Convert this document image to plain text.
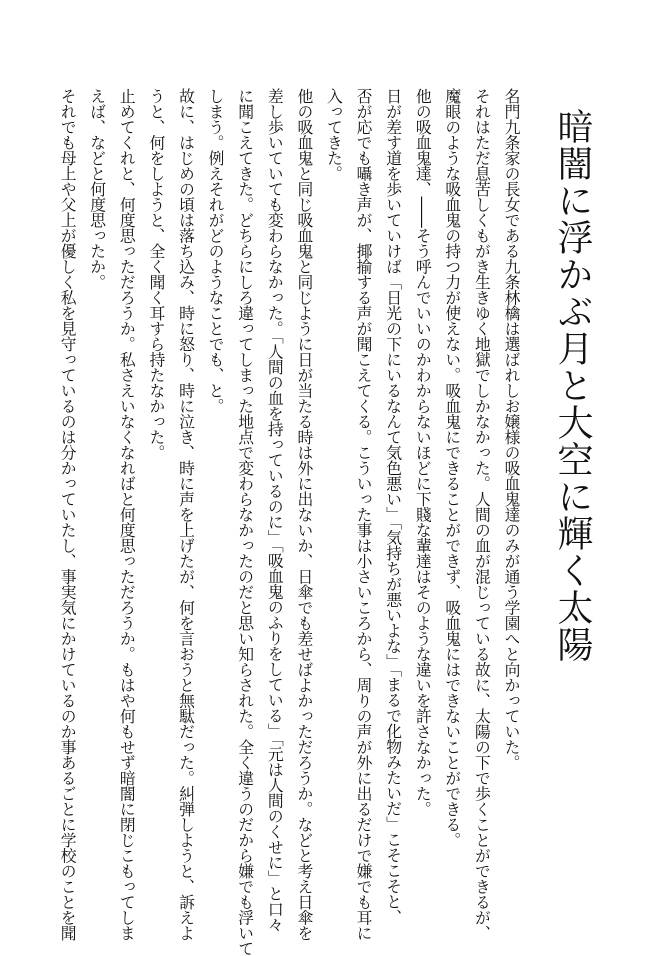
暗闇に浮かぶ月と大空に輝く太陽

名門九条家の長女である九条林檎は選ばれしお嬢様の吸血鬼達のみが通う学園へと向かっていた。

それはただ息苦しくもがき生きゆく地獄でしかなかった。人間の血が混じっている故に、太陽の下で歩くことができるが、

魔眼のような吸血鬼の持つ力が使えない。吸血鬼にできることができず、吸血鬼にはできないことができる。

他の吸血鬼達、――そう呼んでいいのかわからないほどに下賤な輩達はそのような違いを許さなかった。

日が差す道を歩いていけば「日光の下にいるなんて気色悪い」「気持ちが悪いよな」「まるで化物みたいだ」こそこそと、

否が応でも囁き声が、揶揄する声が聞こえてくる。こういった事は小さいころから、周りの声が外に出るだけで嫌でも耳に

入ってきた。

他の吸血鬼と同じ吸血鬼と同じように日が当たる時は外に出ないか、日傘でも差せばよかっただろうか。などと考え日傘を

差し歩いていても変わらなかった。「人間の血を持っているのに」「吸血鬼のふりをしている」「元は人間のくせに」と口々

に聞こえてきた。どちらにしろ違ってしまった地点で変わらなかったのだと思い知らされた。全く違うのだから嫌でも浮いて

しまう。例えそれがどのようなことでも、と。

故に、はじめの頃は落ち込み、時に怒り、時に泣き、時に声を上げたが、何を言おうと無駄だった。糾弾しようと、訴えよ

うと、何をしようと、全く聞く耳すら持たなかった。

止めてくれと、何度思っただろうか。私さえいなくなればと何度思っただろうか。もはや何もせず暗闇に閉じこもってしま

えば、などと何度思ったか。

それでも母上や父上が優しく私を見守っているのは分かっていたし、事実気にかけているのか事あるごとに学校のことを聞
